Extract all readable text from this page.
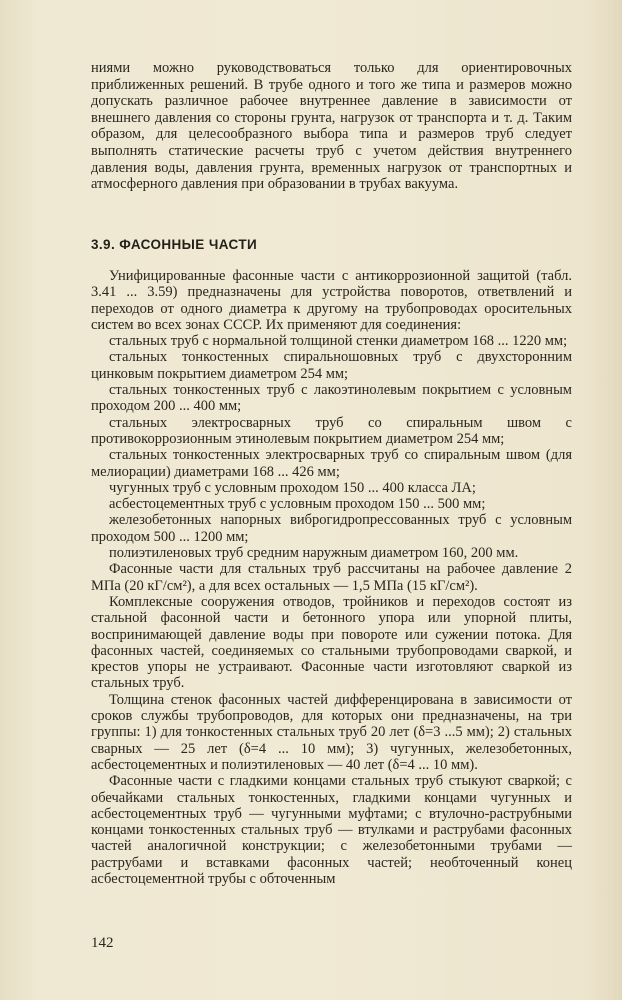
ниями можно руководствоваться только для ориентировочных приближенных решений. В трубе одного и того же типа и размеров можно допускать различное рабочее внутреннее давление в зависимости от внешнего давления со стороны грунта, нагрузок от транспорта и т. д. Таким образом, для целесообразного выбора типа и размеров труб следует выполнять статические расчеты труб с учетом действия внутреннего давления воды, давления грунта, временных нагрузок от транспортных и атмосферного давления при образовании в трубах вакуума.

3.9. ФАСОННЫЕ ЧАСТИ

Унифицированные фасонные части с антикоррозионной защитой (табл. 3.41 ... 3.59) предназначены для устройства поворотов, ответвлений и переходов от одного диаметра к другому на трубопроводах оросительных систем во всех зонах СССР. Их применяют для соединения:

стальных труб с нормальной толщиной стенки диаметром 168 ... 1220 мм;

стальных тонкостенных спиральношовных труб с двухсторонним цинковым покрытием диаметром 254 мм;

стальных тонкостенных труб с лакоэтинолевым покрытием с условным проходом 200 ... 400 мм;

стальных электросварных труб со спиральным швом с противокоррозионным этинолевым покрытием диаметром 254 мм;

стальных тонкостенных электросварных труб со спиральным швом (для мелиорации) диаметрами 168 ... 426 мм;

чугунных труб с условным проходом 150 ... 400 класса ЛА;

асбестоцементных труб с условным проходом 150 ... 500 мм;

железобетонных напорных виброгидропрессованных труб с условным проходом 500 ... 1200 мм;

полиэтиленовых труб средним наружным диаметром 160, 200 мм.

Фасонные части для стальных труб рассчитаны на рабочее давление 2 МПа (20 кГ/см²), а для всех остальных — 1,5 МПа (15 кГ/см²).

Комплексные сооружения отводов, тройников и переходов состоят из стальной фасонной части и бетонного упора или упорной плиты, воспринимающей давление воды при повороте или сужении потока. Для фасонных частей, соединяемых со стальными трубопроводами сваркой, и крестов упоры не устраивают. Фасонные части изготовляют сваркой из стальных труб.

Толщина стенок фасонных частей дифференцирована в зависимости от сроков службы трубопроводов, для которых они предназначены, на три группы: 1) для тонкостенных стальных труб 20 лет (δ=3 ...5 мм); 2) стальных сварных — 25 лет (δ=4 ... 10 мм); 3) чугунных, железобетонных, асбестоцементных и полиэтиленовых — 40 лет (δ=4 ... 10 мм).

Фасонные части с гладкими концами стальных труб стыкуют сваркой; с обечайками стальных тонкостенных, гладкими концами чугунных и асбестоцементных труб — чугунными муфтами; с втулочно-раструбными концами тонкостенных стальных труб — втулками и раструбами фасонных частей аналогичной конструкции; с железобетонными трубами — раструбами и вставками фасонных частей; необточенный конец асбестоцементной трубы с обточенным

142
